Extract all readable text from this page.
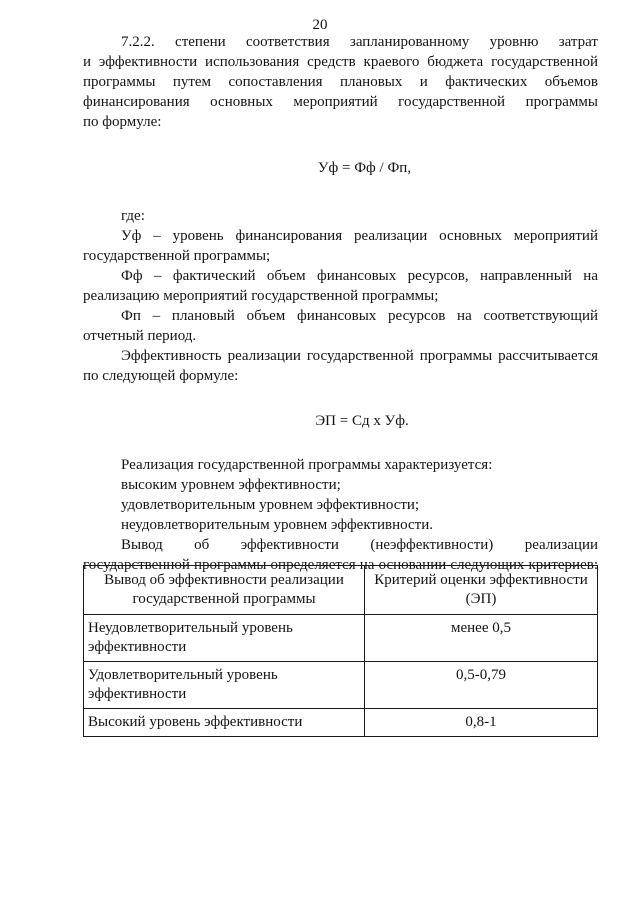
20

7.2.2. степени соответствия запланированному уровню затрат

и эффективности использования средств краевого бюджета государственной

программы путем сопоставления плановых и фактических объемов

финансирования основных мероприятий государственной программы

по формуле:

Уф = Фф / Фп,

где:

Уф – уровень финансирования реализации основных мероприятий государственной программы;

Фф – фактический объем финансовых ресурсов, направленный на реализацию мероприятий государственной программы;

Фп – плановый объем финансовых ресурсов на соответствующий отчетный период.

Эффективность реализации государственной программы рассчитывается по следующей формуле:

ЭП = Сд х Уф.

Реализация государственной программы характеризуется:

высоким уровнем эффективности;

удовлетворительным уровнем эффективности;

неудовлетворительным уровнем эффективности.

Вывод об эффективности (неэффективности) реализации

государственной программы определяется на основании следующих критериев:

Вывод об эффективности реализации государственной программы	Критерий оценки эффективности (ЭП)
Неудовлетворительный уровень эффективности	менее 0,5
Удовлетворительный уровень эффективности	0,5-0,79
Высокий уровень эффективности	0,8-1
